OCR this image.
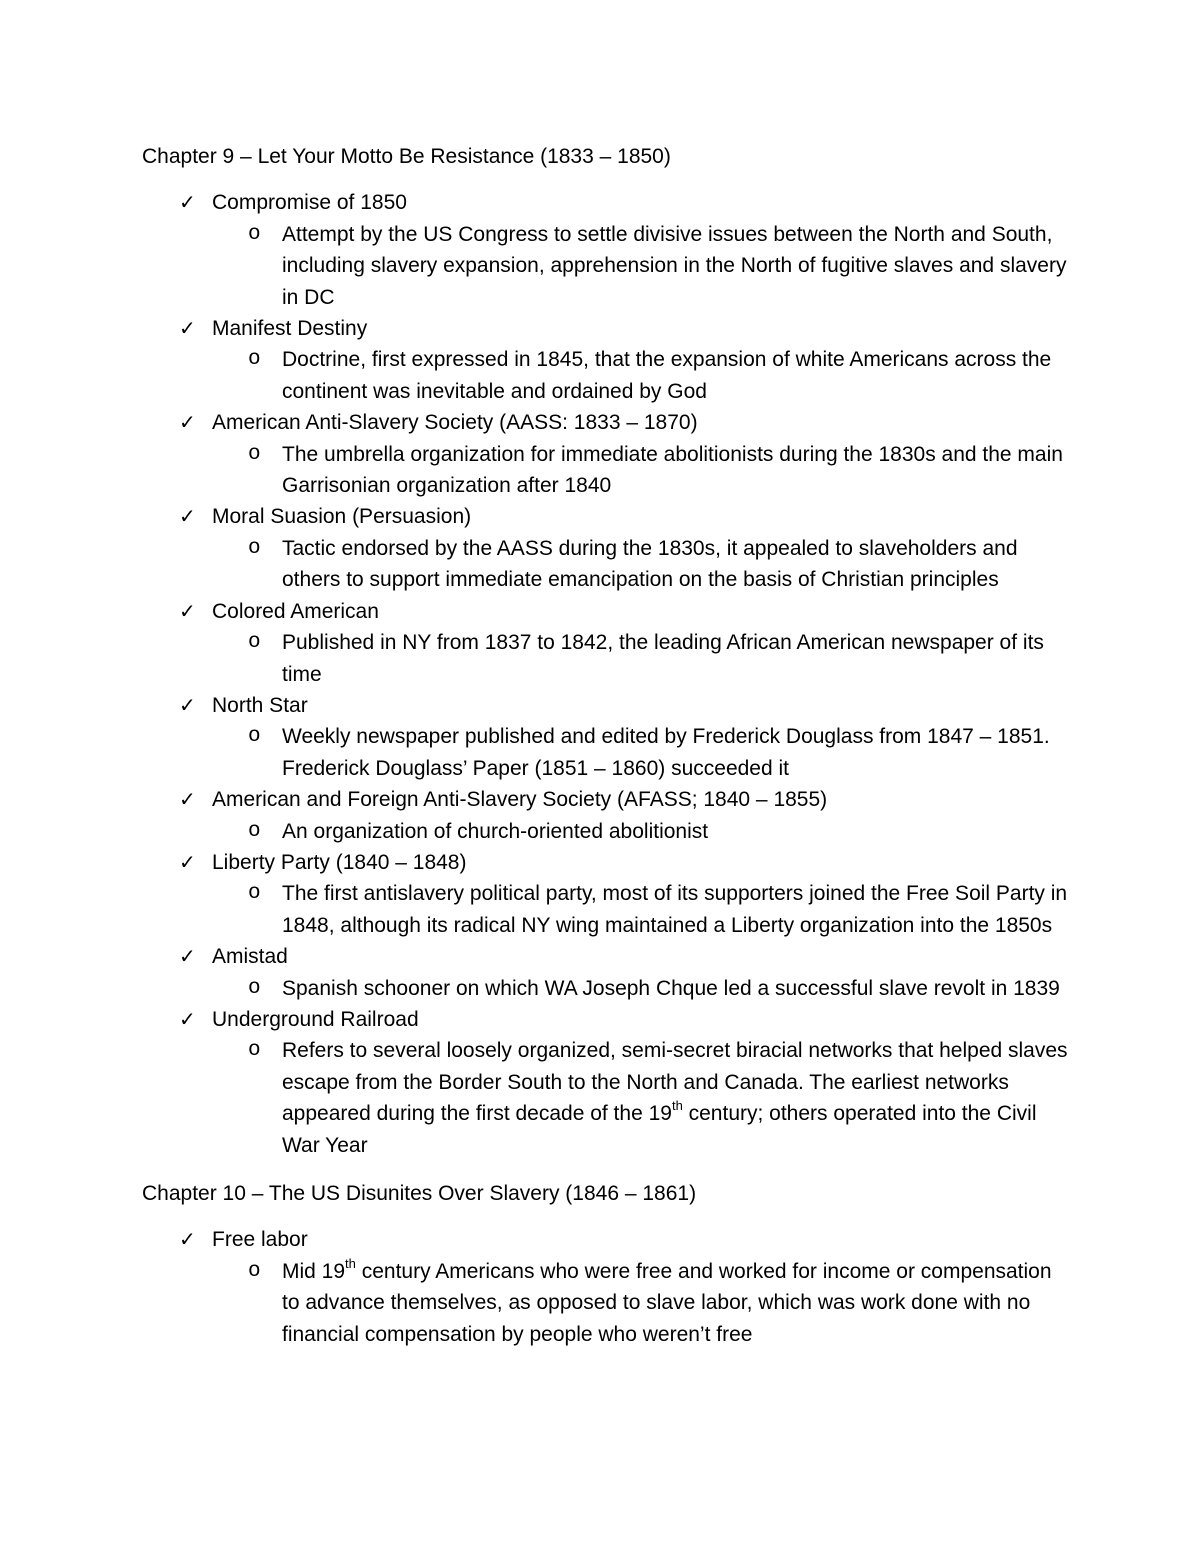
Chapter 9 – Let Your Motto Be Resistance (1833 – 1850)
✓ Compromise of 1850
o Attempt by the US Congress to settle divisive issues between the North and South, including slavery expansion, apprehension in the North of fugitive slaves and slavery in DC
✓ Manifest Destiny
o Doctrine, first expressed in 1845, that the expansion of white Americans across the continent was inevitable and ordained by God
✓ American Anti-Slavery Society (AASS: 1833 – 1870)
o The umbrella organization for immediate abolitionists during the 1830s and the main Garrisonian organization after 1840
✓ Moral Suasion (Persuasion)
o Tactic endorsed by the AASS during the 1830s, it appealed to slaveholders and others to support immediate emancipation on the basis of Christian principles
✓ Colored American
o Published in NY from 1837 to 1842, the leading African American newspaper of its time
✓ North Star
o Weekly newspaper published and edited by Frederick Douglass from 1847 – 1851. Frederick Douglass’ Paper (1851 – 1860) succeeded it
✓ American and Foreign Anti-Slavery Society (AFASS; 1840 – 1855)
o An organization of church-oriented abolitionist
✓ Liberty Party (1840 – 1848)
o The first antislavery political party, most of its supporters joined the Free Soil Party in 1848, although its radical NY wing maintained a Liberty organization into the 1850s
✓ Amistad
o Spanish schooner on which WA Joseph Chque led a successful slave revolt in 1839
✓ Underground Railroad
o Refers to several loosely organized, semi-secret biracial networks that helped slaves escape from the Border South to the North and Canada. The earliest networks appeared during the first decade of the 19th century; others operated into the Civil War Year
Chapter 10 – The US Disunites Over Slavery (1846 – 1861)
✓ Free labor
o Mid 19th century Americans who were free and worked for income or compensation to advance themselves, as opposed to slave labor, which was work done with no financial compensation by people who weren’t free
